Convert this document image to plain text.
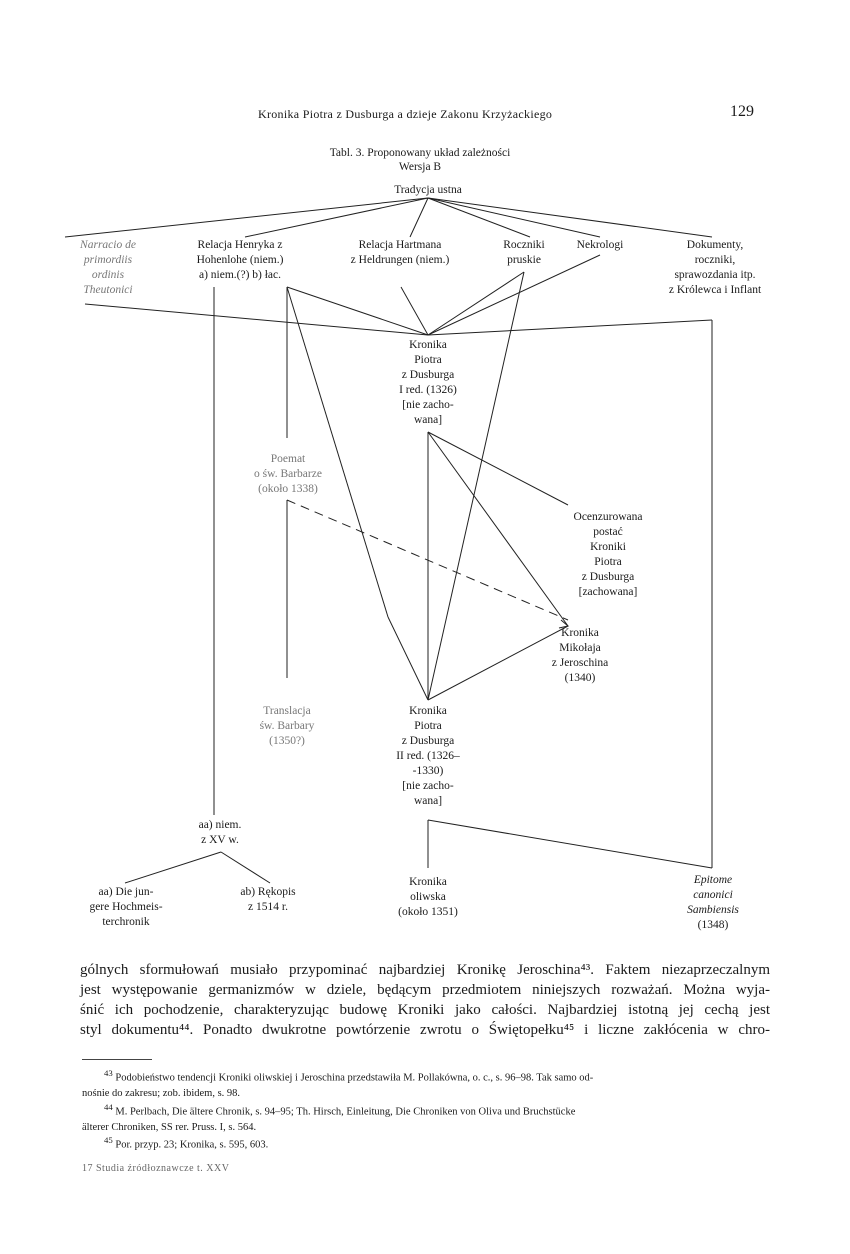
Kronika Piotra z Dusburga a dzieje Zakonu Krzyżackiego	129
Tabl. 3. Proponowany układ zależności
Wersja B
Tradycja ustna
Narracio de
primordiis
ordinis
Theutonici
Relacja Henryka z
Hohenlohe (niem.)
a) niem.(?) b) łac.
Relacja Hartmana
z Heldrungen (niem.)
Roczniki
pruskie
Nekrologi	Dokumenty,
roczniki,
sprawozdania itp.
z Królewca i Inflant
Kronika
Piotra
z Dusburga
I red. (1326)
[nie zacho-
wana]
Poemat
o św. Barbarze
(około 1338)
Ocenzurowana
postać
Kroniki
Piotra
z Dusburga
[zachowana]
Kronika
Mikołaja
z Jeroschina
(1340)
Translacja
św. Barbary
(1350?)
Kronika
Piotra
z Dusburga
II red. (1326–
-1330)
[nie zacho-
wana]
aa) niem.
z XV w.
aa) Die jun-
gere Hochmeis-
terchronik
ab) Rękopis
z 1514 r.
Kronika
oliwska
(około 1351)
Epitome
canonici
Sambiensis
(1348)
gólnych sformułowań musiało przypominać najbardziej Kronikę Jeroschina⁴³. Faktem niezaprzeczalnym
jest występowanie germanizmów w dziele, będącym przedmiotem niniejszych rozważań. Można wyja-
śnić ich pochodzenie, charakteryzując budowę Kroniki jako całości. Najbardziej istotną jej cechą jest
styl dokumentu⁴⁴. Ponadto dwukrotne powtórzenie zwrotu o Świętopełku⁴⁵ i liczne zakłócenia w chro-
$^{43}$ Podobieństwo tendencji Kroniki oliwskiej i Jeroschina przedstawiła M. Pollakówna, o. c., s. 96–98. Tak samo od-
nośnie do zakresu; zob. ibidem, s. 98.
$^{44}$ M. Perlbach, Die ältere Chronik, s. 94–95; Th. Hirsch, Einleitung, Die Chroniken von Oliva und Bruchstücke
älterer Chroniken, SS rer. Pruss. I, s. 564.
$^{45}$ Por. przyp. 23; Kronika, s. 595, 603.
17 Studia źródłoznawcze t. XXV
